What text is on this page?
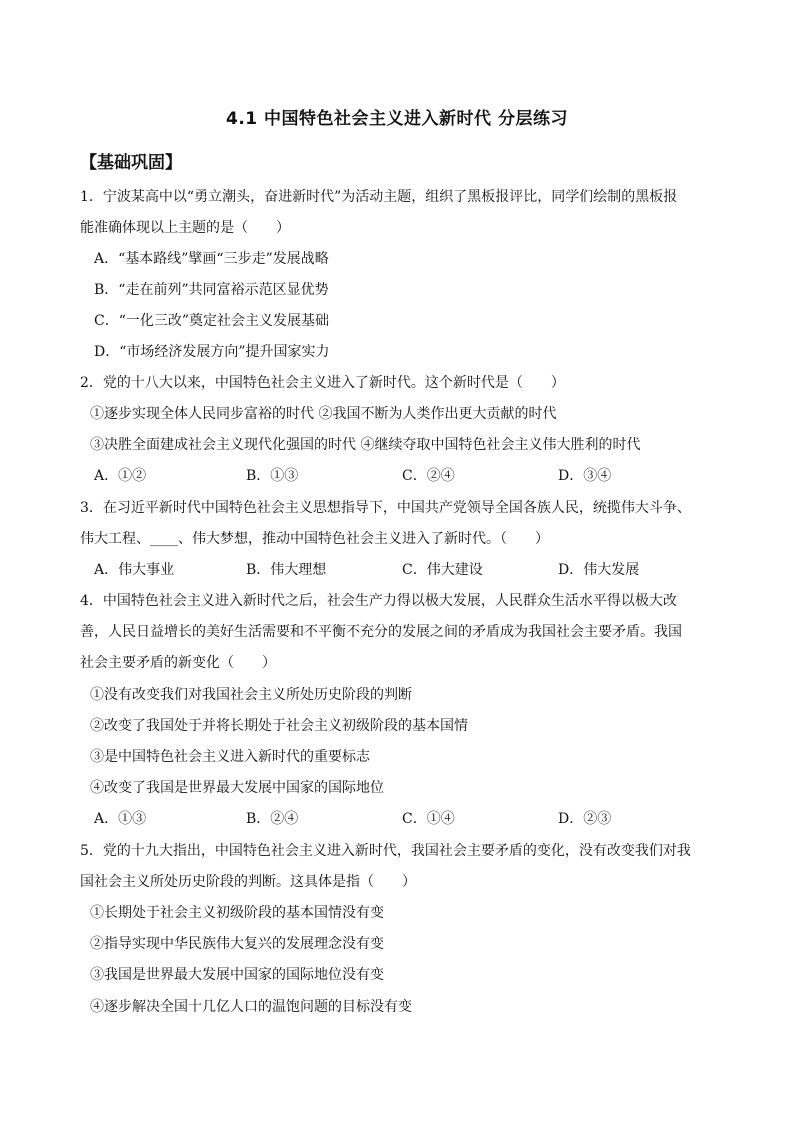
4.1 中国特色社会主义进入新时代 分层练习
【基础巩固】
1．宁波某高中以“勇立潮头，奋进新时代”为活动主题，组织了黑板报评比，同学们绘制的黑板报
能准确体现以上主题的是（　　）
A．“基本路线”擘画“三步走”发展战略
B．“走在前列”共同富裕示范区显优势
C．“一化三改”奠定社会主义发展基础
D．“市场经济发展方向”提升国家实力
2．党的十八大以来，中国特色社会主义进入了新时代。这个新时代是（　　）
①逐步实现全体人民同步富裕的时代 ②我国不断为人类作出更大贡献的时代
③决胜全面建成社会主义现代化强国的时代 ④继续夺取中国特色社会主义伟大胜利的时代
A．①②	B．①③	C．②④	D．③④
3．在习近平新时代中国特色社会主义思想指导下，中国共产党领导全国各族人民，统揽伟大斗争、
伟大工程、____、伟大梦想，推动中国特色社会主义进入了新时代。（　　）
A．伟大事业	B．伟大理想	C．伟大建设	D．伟大发展
4．中国特色社会主义进入新时代之后，社会生产力得以极大发展，人民群众生活水平得以极大改
善，人民日益增长的美好生活需要和不平衡不充分的发展之间的矛盾成为我国社会主要矛盾。我国
社会主要矛盾的新变化（　　）
①没有改变我们对我国社会主义所处历史阶段的判断
②改变了我国处于并将长期处于社会主义初级阶段的基本国情
③是中国特色社会主义进入新时代的重要标志
④改变了我国是世界最大发展中国家的国际地位
A．①③	B．②④	C．①④	D．②③
5．党的十九大指出，中国特色社会主义进入新时代，我国社会主要矛盾的变化，没有改变我们对我
国社会主义所处历史阶段的判断。这具体是指（　　）
①长期处于社会主义初级阶段的基本国情没有变
②指导实现中华民族伟大复兴的发展理念没有变
③我国是世界最大发展中国家的国际地位没有变
④逐步解决全国十几亿人口的温饱问题的目标没有变
